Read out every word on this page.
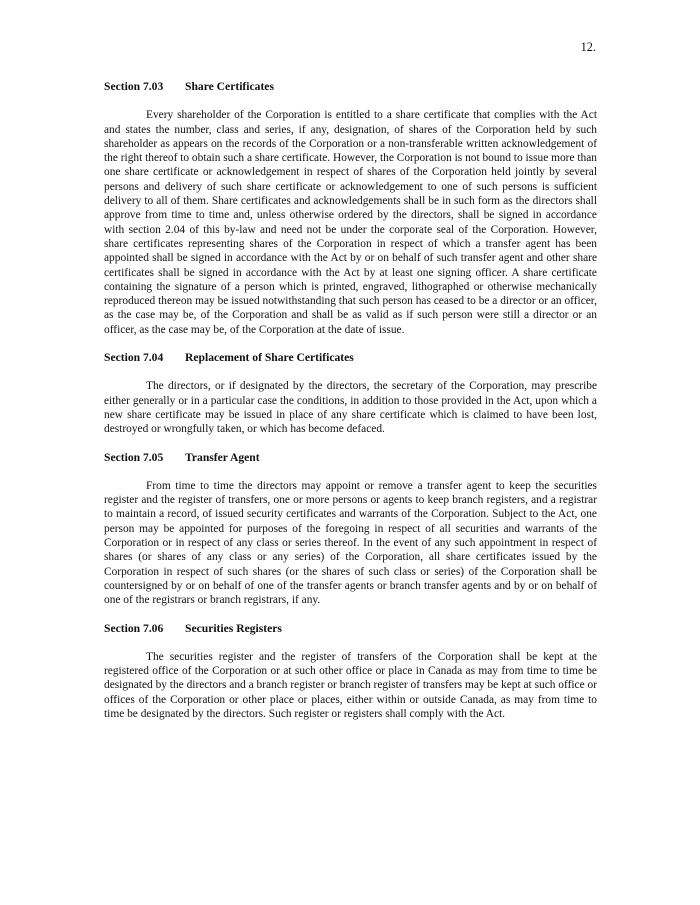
12.
Section 7.03 Share Certificates

Every shareholder of the Corporation is entitled to a share certificate that complies with the Act and states the number, class and series, if any, designation, of shares of the Corporation held by such shareholder as appears on the records of the Corporation or a non-transferable written acknowledgement of the right thereof to obtain such a share certificate. However, the Corporation is not bound to issue more than one share certificate or acknowledgement in respect of shares of the Corporation held jointly by several persons and delivery of such share certificate or acknowledgement to one of such persons is sufficient delivery to all of them. Share certificates and acknowledgements shall be in such form as the directors shall approve from time to time and, unless otherwise ordered by the directors, shall be signed in accordance with section 2.04 of this by-law and need not be under the corporate seal of the Corporation. However, share certificates representing shares of the Corporation in respect of which a transfer agent has been appointed shall be signed in accordance with the Act by or on behalf of such transfer agent and other share certificates shall be signed in accordance with the Act by at least one signing officer. A share certificate containing the signature of a person which is printed, engraved, lithographed or otherwise mechanically reproduced thereon may be issued notwithstanding that such person has ceased to be a director or an officer, as the case may be, of the Corporation and shall be as valid as if such person were still a director or an officer, as the case may be, of the Corporation at the date of issue.

Section 7.04 Replacement of Share Certificates

The directors, or if designated by the directors, the secretary of the Corporation, may prescribe either generally or in a particular case the conditions, in addition to those provided in the Act, upon which a new share certificate may be issued in place of any share certificate which is claimed to have been lost, destroyed or wrongfully taken, or which has become defaced.

Section 7.05 Transfer Agent

From time to time the directors may appoint or remove a transfer agent to keep the securities register and the register of transfers, one or more persons or agents to keep branch registers, and a registrar to maintain a record, of issued security certificates and warrants of the Corporation. Subject to the Act, one person may be appointed for purposes of the foregoing in respect of all securities and warrants of the Corporation or in respect of any class or series thereof. In the event of any such appointment in respect of shares (or shares of any class or any series) of the Corporation, all share certificates issued by the Corporation in respect of such shares (or the shares of such class or series) of the Corporation shall be countersigned by or on behalf of one of the transfer agents or branch transfer agents and by or on behalf of one of the registrars or branch registrars, if any.

Section 7.06 Securities Registers

The securities register and the register of transfers of the Corporation shall be kept at the registered office of the Corporation or at such other office or place in Canada as may from time to time be designated by the directors and a branch register or branch register of transfers may be kept at such office or offices of the Corporation or other place or places, either within or outside Canada, as may from time to time be designated by the directors. Such register or registers shall comply with the Act.
